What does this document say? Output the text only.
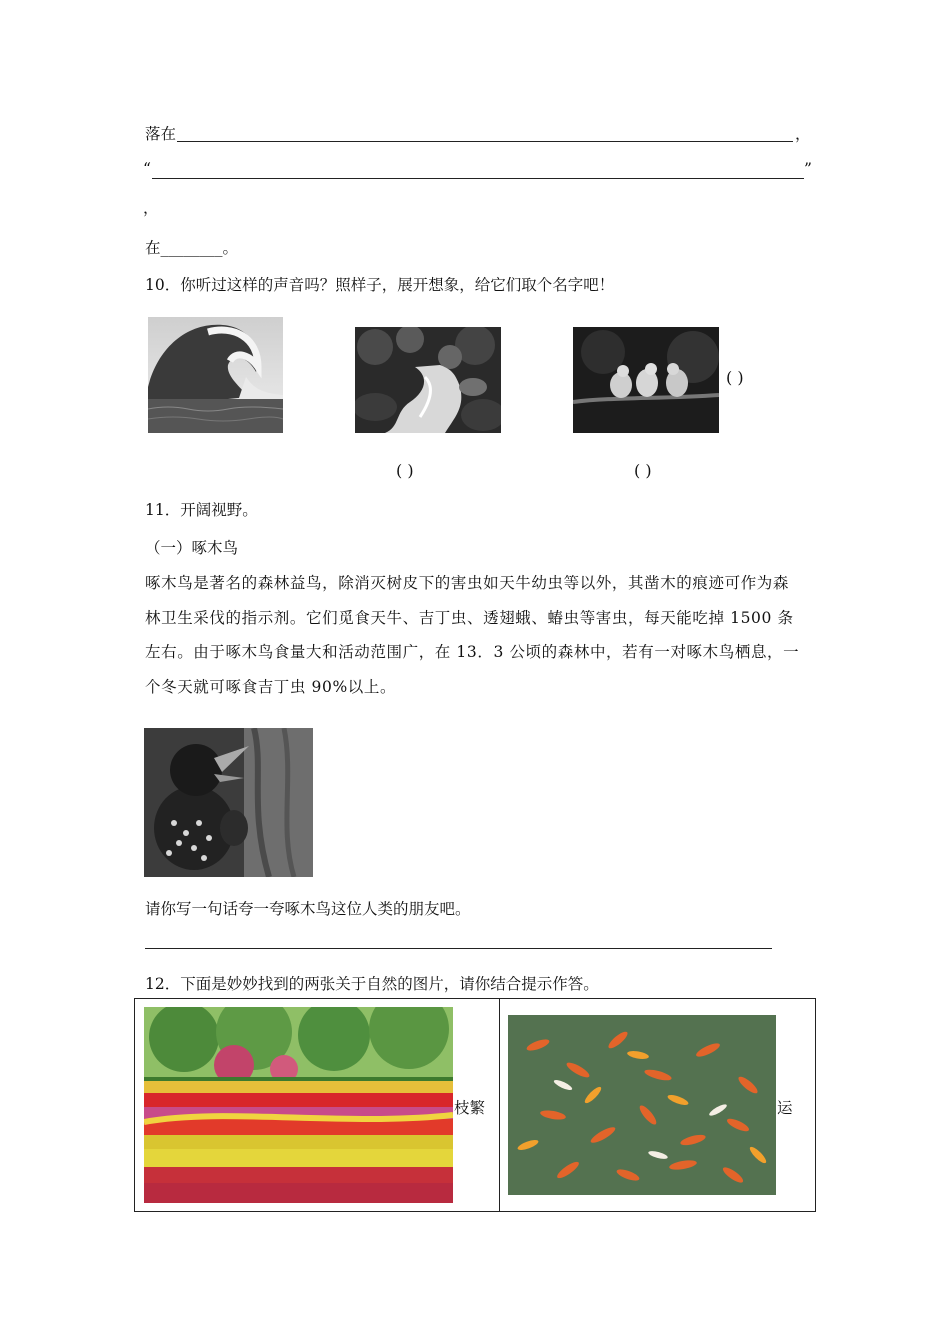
落在	，
“	”
，
在________。
10．你听过这样的声音吗？照样子，展开想象，给它们取个名字吧！
( )
( )	( )
11．开阔视野。
（一）啄木鸟
啄木鸟是著名的森林益鸟，除消灭树皮下的害虫如天牛幼虫等以外，其凿木的痕迹可作为森
林卫生采伐的指示剂。它们觅食天牛、吉丁虫、透翅蛾、蝽虫等害虫，每天能吃掉 1500 条
左右。由于啄木鸟食量大和活动范围广，在 13．3 公顷的森林中，若有一对啄木鸟栖息，一
个冬天就可啄食吉丁虫 90%以上。
请你写一句话夸一夸啄木鸟这位人类的朋友吧。
12．下面是妙妙找到的两张关于自然的图片，请你结合提示作答。
枝繁	运
